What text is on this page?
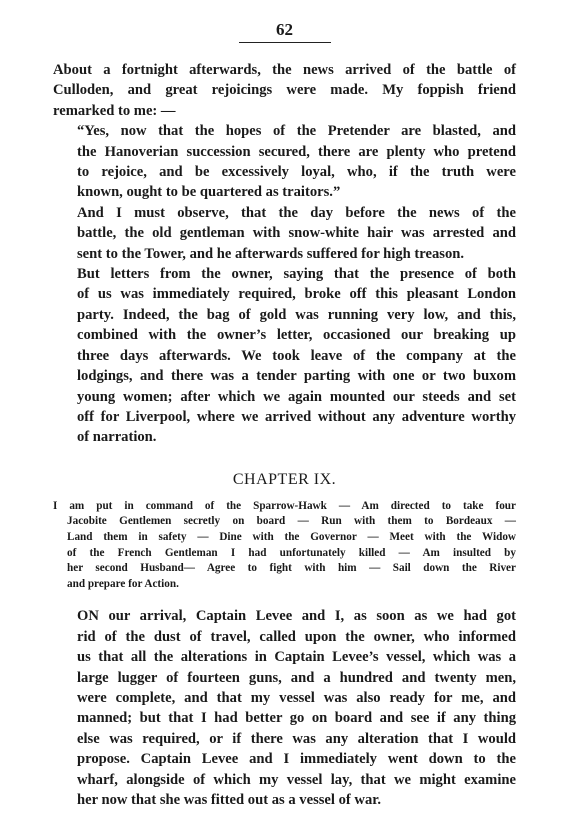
62

About a fortnight afterwards, the news arrived of the battle of
Culloden, and great rejoicings were made. My foppish friend
remarked to me: —

“Yes, now that the hopes of the Pretender are blasted, and
the Hanoverian succession secured, there are plenty who pretend
to rejoice, and be excessively loyal, who, if the truth were
known, ought to be quartered as traitors.”

And I must observe, that the day before the news of the
battle, the old gentleman with snow-white hair was arrested and
sent to the Tower, and he afterwards suffered for high treason.

But letters from the owner, saying that the presence of both
of us was immediately required, broke off this pleasant London
party. Indeed, the bag of gold was running very low, and this,
combined with the owner’s letter, occasioned our breaking up
three days afterwards. We took leave of the company at the
lodgings, and there was a tender parting with one or two buxom
young women; after which we again mounted our steeds and set
off for Liverpool, where we arrived without any adventure worthy
of narration.

CHAPTER IX.
I am put in command of the Sparrow-Hawk — Am directed to take four
Jacobite Gentlemen secretly on board — Run with them to Bordeaux —
Land them in safety — Dine with the Governor — Meet with the Widow
of the French Gentleman I had unfortunately killed — Am insulted by
her second Husband— Agree to fight with him — Sail down the River
and prepare for Action.

ON our arrival, Captain Levee and I, as soon as we had got
rid of the dust of travel, called upon the owner, who informed
us that all the alterations in Captain Levee’s vessel, which was a
large lugger of fourteen guns, and a hundred and twenty men,
were complete, and that my vessel was also ready for me, and
manned; but that I had better go on board and see if any thing
else was required, or if there was any alteration that I would
propose. Captain Levee and I immediately went down to the
wharf, alongside of which my vessel lay, that we might examine
her now that she was fitted out as a vessel of war.
